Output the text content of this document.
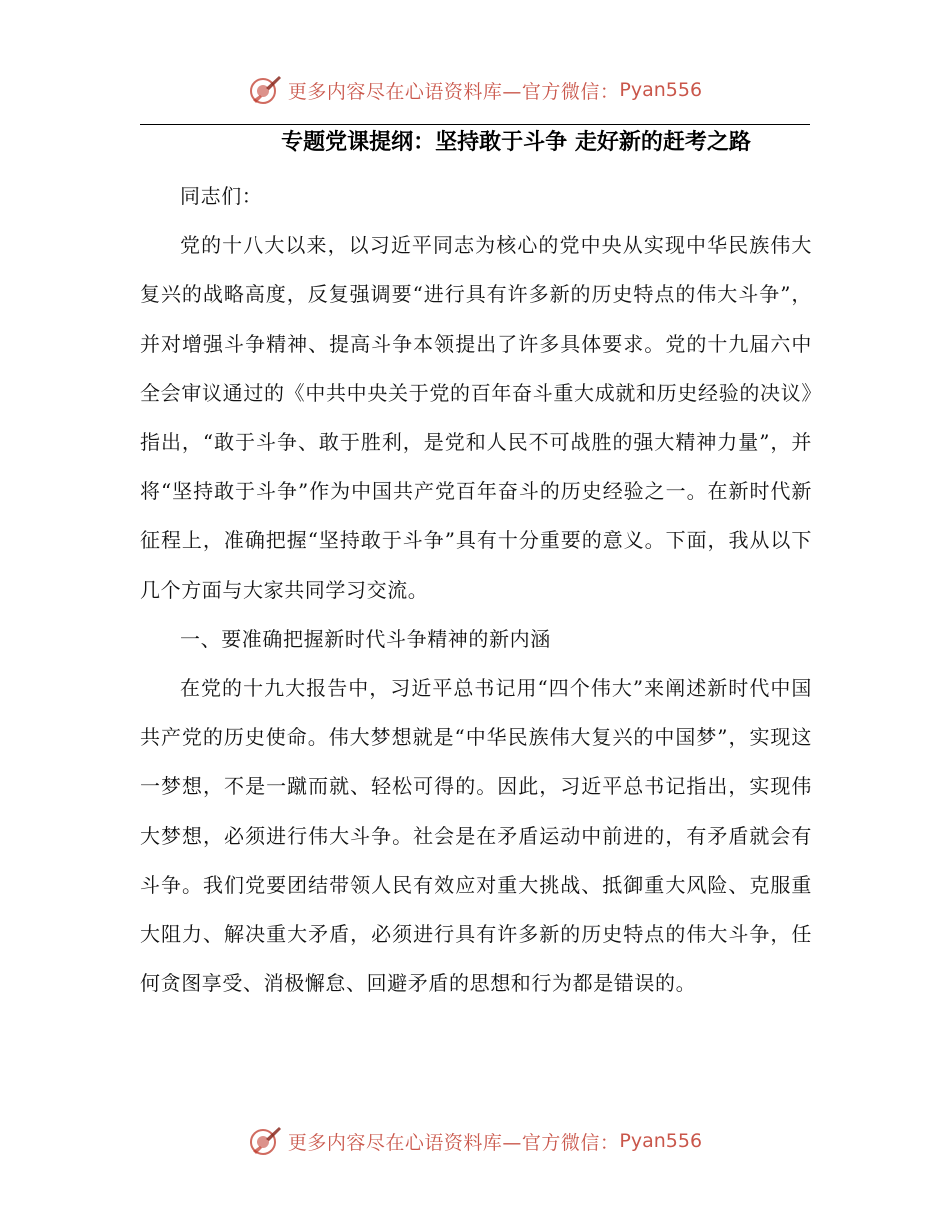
更多内容尽在心语资料库—官方微信： Pyan556
专题党课提纲：坚持敢于斗争 走好新的赶考之路

同志们：

党的十八大以来，以习近平同志为核心的党中央从实现中华民族伟大复兴的战略高度，反复强调要“进行具有许多新的历史特点的伟大斗争”，并对增强斗争精神、提高斗争本领提出了许多具体要求。党的十九届六中全会审议通过的《中共中央关于党的百年奋斗重大成就和历史经验的决议》指出，“敢于斗争、敢于胜利，是党和人民不可战胜的强大精神力量”，并将“坚持敢于斗争”作为中国共产党百年奋斗的历史经验之一。在新时代新征程上，准确把握“坚持敢于斗争”具有十分重要的意义。下面，我从以下几个方面与大家共同学习交流。

一、要准确把握新时代斗争精神的新内涵

在党的十九大报告中，习近平总书记用“四个伟大”来阐述新时代中国共产党的历史使命。伟大梦想就是“中华民族伟大复兴的中国梦”，实现这一梦想，不是一蹴而就、轻松可得的。因此，习近平总书记指出，实现伟大梦想，必须进行伟大斗争。社会是在矛盾运动中前进的，有矛盾就会有斗争。我们党要团结带领人民有效应对重大挑战、抵御重大风险、克服重大阻力、解决重大矛盾，必须进行具有许多新的历史特点的伟大斗争，任何贪图享受、消极懈怠、回避矛盾的思想和行为都是错误的。

更多内容尽在心语资料库—官方微信： Pyan556
